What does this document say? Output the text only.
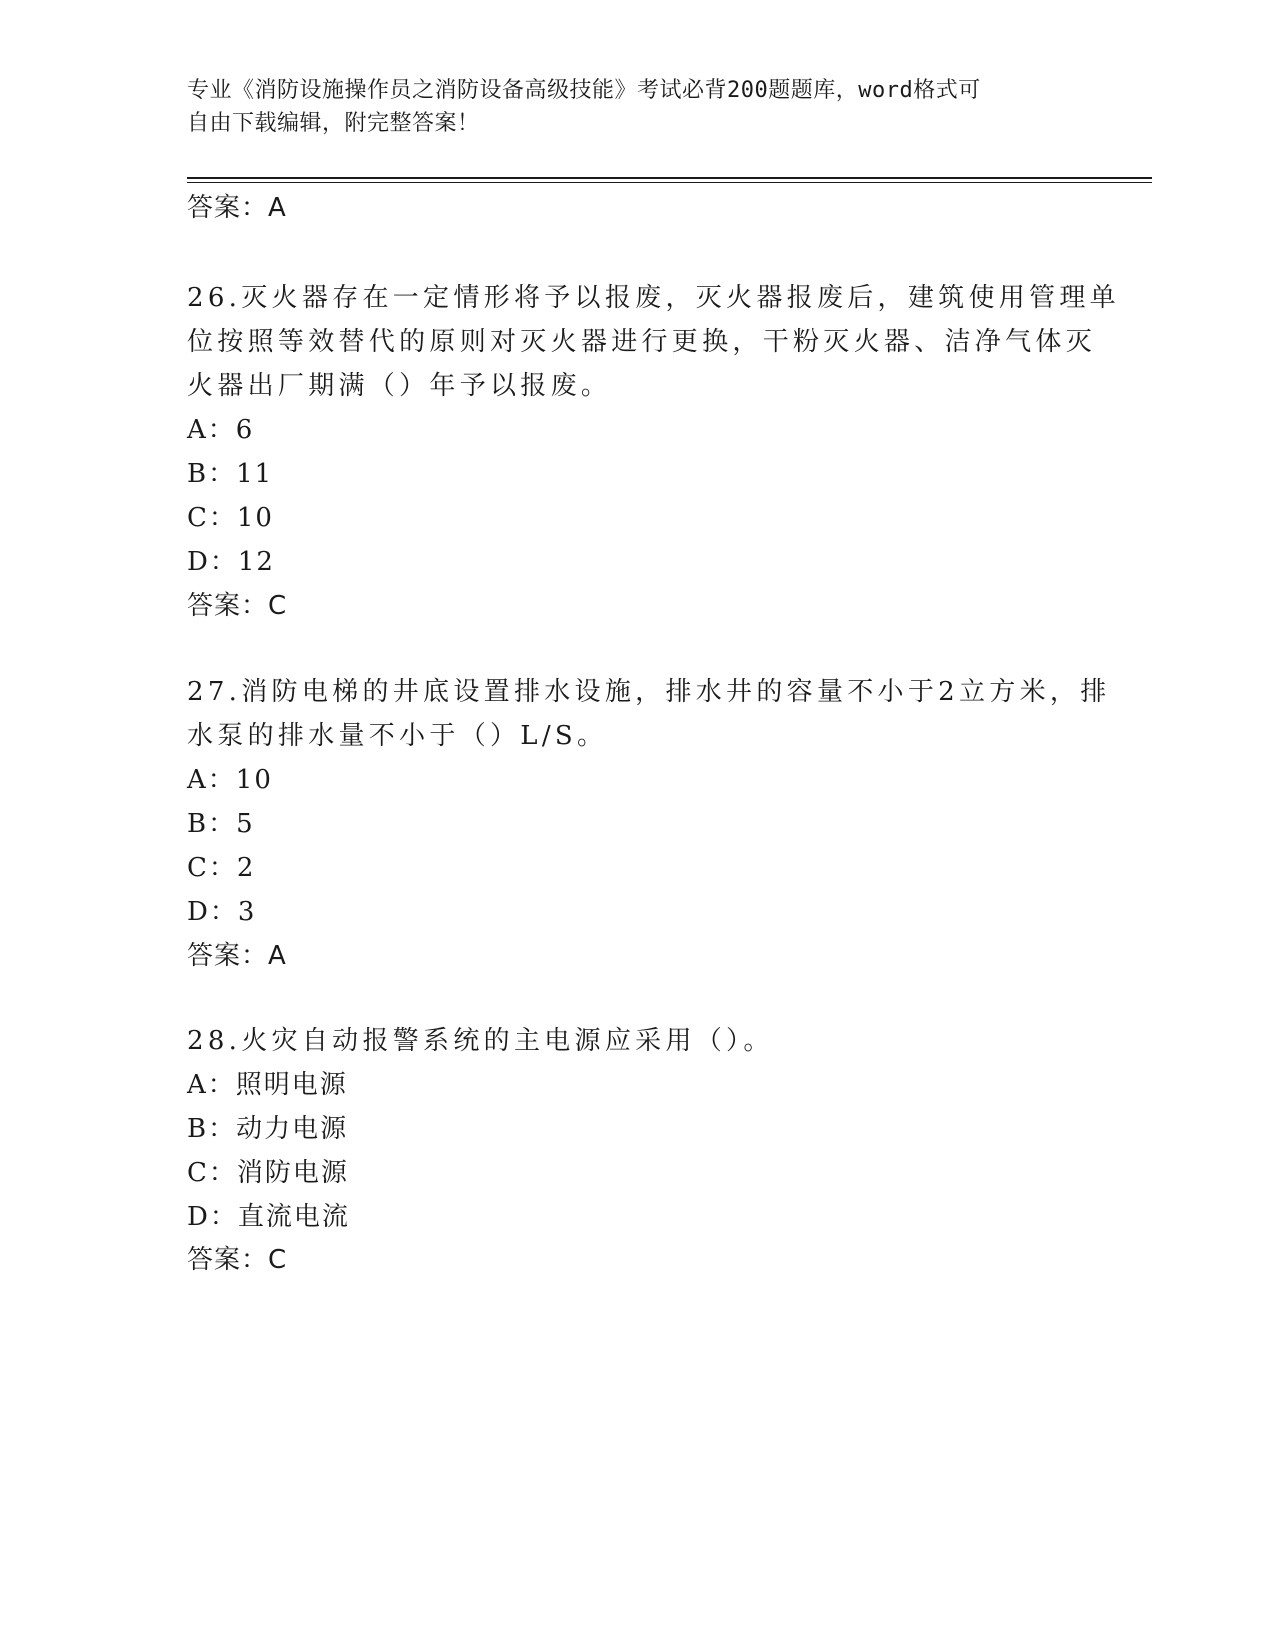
专业《消防设施操作员之消防设备高级技能》考试必背200题题库，word格式可
自由下载编辑，附完整答案！
答案：A
26.灭火器存在一定情形将予以报废，灭火器报废后，建筑使用管理单
位按照等效替代的原则对灭火器进行更换，干粉灭火器、洁净气体灭
火器出厂期满（）年予以报废。
A：6
B：11
C：10
D：12
答案：C
27.消防电梯的井底设置排水设施，排水井的容量不小于2立方米，排
水泵的排水量不小于（）L/S。
A：10
B：5
C：2
D：3
答案：A
28.火灾自动报警系统的主电源应采用（）。
A：照明电源
B：动力电源
C：消防电源
D：直流电流
答案：C
